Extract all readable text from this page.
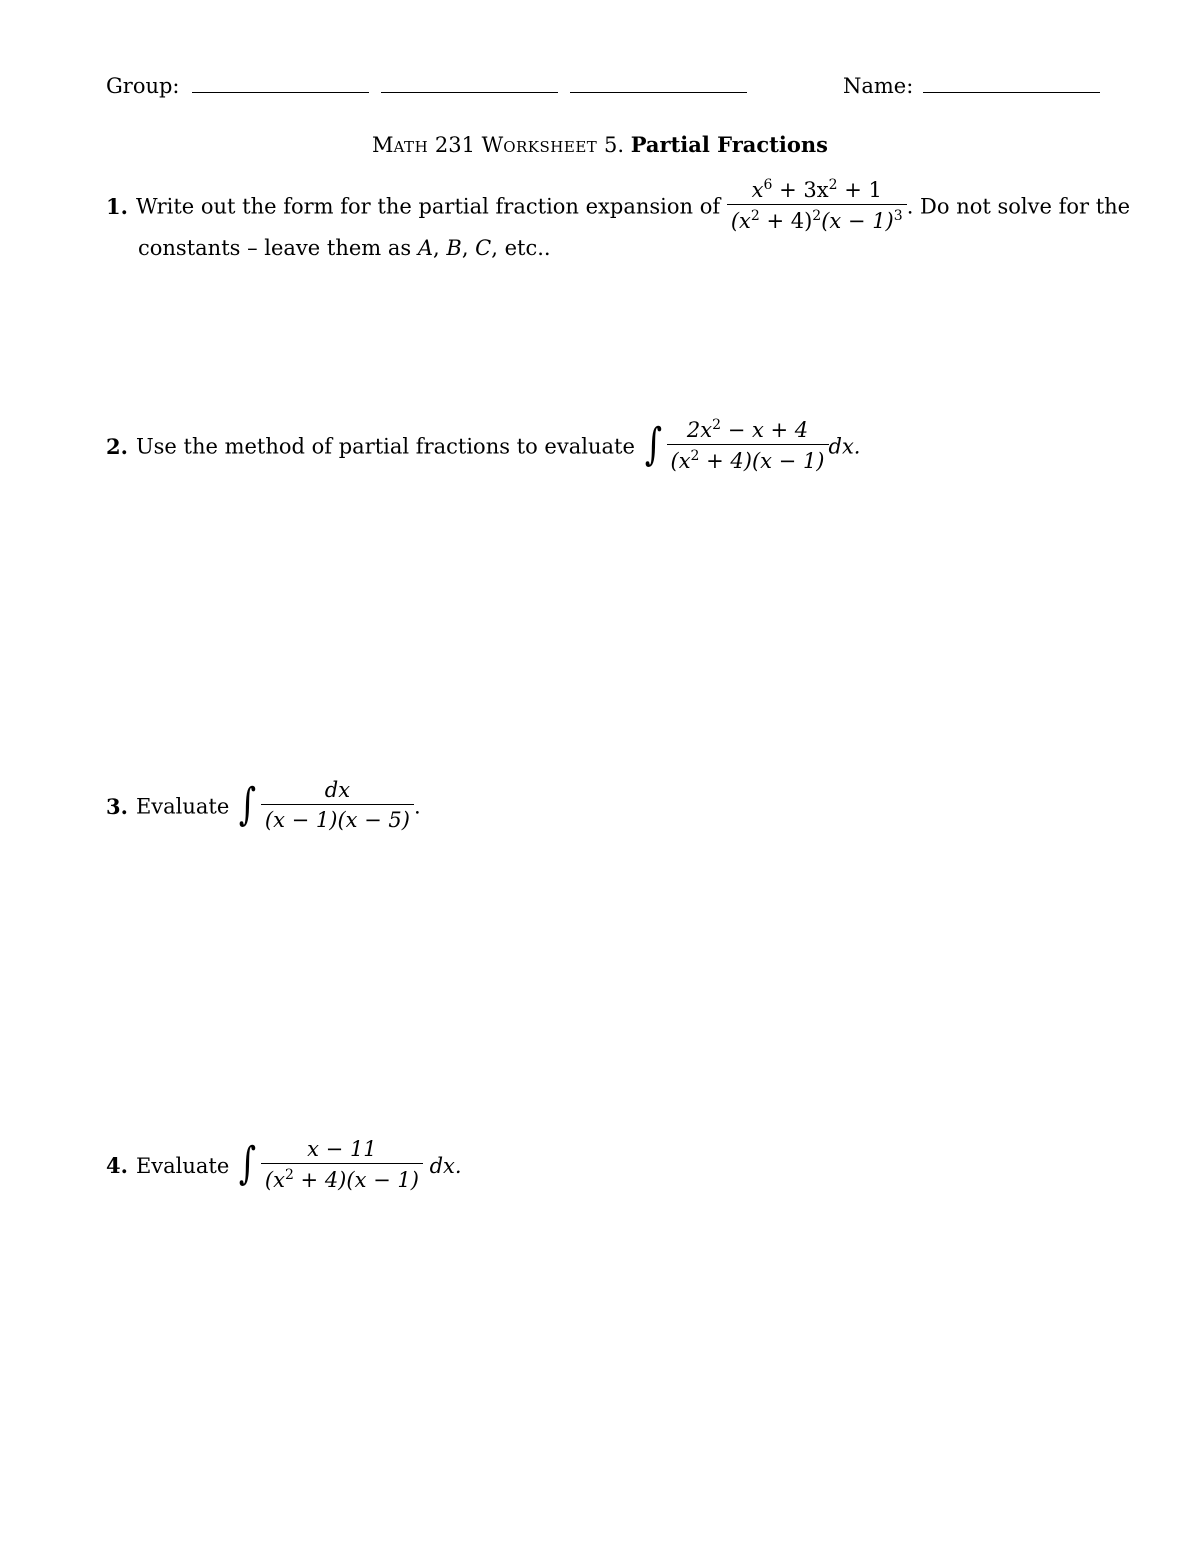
Group:	Name:
MATH 231 WORKSHEET 5. Partial Fractions
1. Write out the form for the partial fraction expansion of $\frac{x^6 + 3x^2 + 1}{(x^2 + 4)^2(x - 1)^3}$ . Do not solve for the
constants – leave them as A, B, C, etc..
2. Use the method of partial fractions to evaluate ∫ $\frac{2x^2 - x + 4}{(x^2 + 4)(x - 1)}$ dx.
3. Evaluate ∫ $\frac{dx}{(x - 1)(x - 5)}$ .
4. Evaluate ∫ $\frac{x - 11}{(x^2 + 4)(x - 1)}$ dx.
